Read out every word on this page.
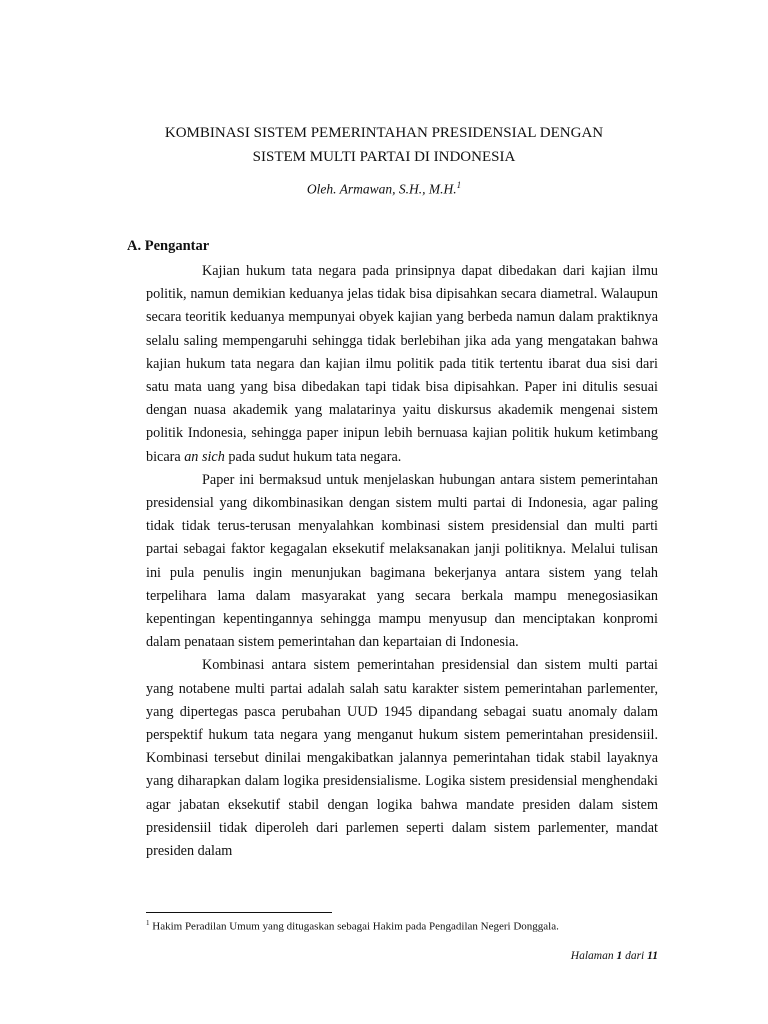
KOMBINASI SISTEM PEMERINTAHAN PRESIDENSIAL DENGAN
SISTEM MULTI PARTAI DI INDONESIA
Oleh. Armawan, S.H., M.H.$^1$
A. Pengantar

Kajian hukum tata negara pada prinsipnya dapat dibedakan dari kajian ilmu politik, namun demikian keduanya jelas tidak bisa dipisahkan secara diametral. Walaupun secara teoritik keduanya mempunyai obyek kajian yang berbeda namun dalam praktiknya selalu saling mempengaruhi sehingga tidak berlebihan jika ada yang mengatakan bahwa kajian hukum tata negara dan kajian ilmu politik pada titik tertentu ibarat dua sisi dari satu mata uang yang bisa dibedakan tapi tidak bisa dipisahkan. Paper ini ditulis sesuai dengan nuasa akademik yang malatarinya yaitu diskursus akademik mengenai sistem politik Indonesia, sehingga paper inipun lebih bernuasa kajian politik hukum ketimbang bicara an sich pada sudut hukum tata negara.

Paper ini bermaksud untuk menjelaskan hubungan antara sistem pemerintahan presidensial yang dikombinasikan dengan sistem multi partai di Indonesia, agar paling tidak tidak terus-terusan menyalahkan kombinasi sistem presidensial dan multi parti partai sebagai faktor kegagalan eksekutif melaksanakan janji politiknya. Melalui tulisan ini pula penulis ingin menunjukan bagimana bekerjanya antara sistem yang telah terpelihara lama dalam masyarakat yang secara berkala mampu menegosiasikan kepentingan kepentingannya sehingga mampu menyusup dan menciptakan konpromi dalam penataan sistem pemerintahan dan kepartaian di Indonesia.

Kombinasi antara sistem pemerintahan presidensial dan sistem multi partai yang notabene multi partai adalah salah satu karakter sistem pemerintahan parlementer, yang dipertegas pasca perubahan UUD 1945 dipandang sebagai suatu anomaly dalam perspektif hukum tata negara yang menganut hukum sistem pemerintahan presidensiil. Kombinasi tersebut dinilai mengakibatkan jalannya pemerintahan tidak stabil layaknya yang diharapkan dalam logika presidensialisme. Logika sistem presidensial menghendaki agar jabatan eksekutif stabil dengan logika bahwa mandate presiden dalam sistem presidensiil tidak diperoleh dari parlemen seperti dalam sistem parlementer, mandat presiden dalam

$^1$ Hakim Peradilan Umum yang ditugaskan sebagai Hakim pada Pengadilan Negeri Donggala.
Halaman 1 dari 11
